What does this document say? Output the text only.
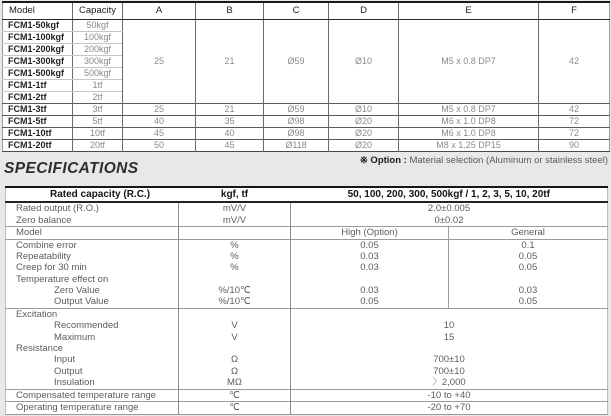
Model	Capacity	A	B	C	D	E	F
FCM1-50kgf	50kgf	25	21	Ø59	Ø10	M5 x 0.8 DP7	42
FCM1-100kgf	100kgf						
FCM1-200kgf	200kgf						
FCM1-300kgf	300kgf						
FCM1-500kgf	500kgf						
FCM1-1tf	1tf						
FCM1-2tf	2tf						
FCM1-3tf	3tf	25	21	Ø59	Ø10	M5 x 0.8 DP7	42
FCM1-5tf	5tf	40	35	Ø98	Ø20	M6 x 1.0 DP8	72
FCM1-10tf	10tf	45	40	Ø98	Ø20	M6 x 1.0 DP8	72
FCM1-20tf	20tf	50	45	Ø118	Ø20	M8 x 1.25 DP15	90
※ Option : Material selection (Aluminum or stainless steel)
SPECIFICATIONS
Rated capacity (R.C.)	kgf, tf	50, 100, 200, 300, 500kgf / 1, 2, 3, 5, 10, 20tf	
Rated output (R.O.)	mV/V	2.0±0.005	
Zero balance	mV/V	0±0.02	
Model		High (Option)	General
Combine error	%	0.05	0.1
Repeatability	%	0.03	0.05
Creep for 30 min	%	0.03	0.05
Temperature effect on			
Zero Value	%/10℃	0.03	0.03
Output Value	%/10℃	0.05	0.05
Excitation			
Recommended	V	10	
Maximum	V	15	
Resistance			
Input	Ω	700±10	
Output	Ω	700±10	
Insulation	MΩ	〉2,000	
Compensated temperature range	℃	-10 to +40	
Operating temperature range	℃	-20 to +70	
